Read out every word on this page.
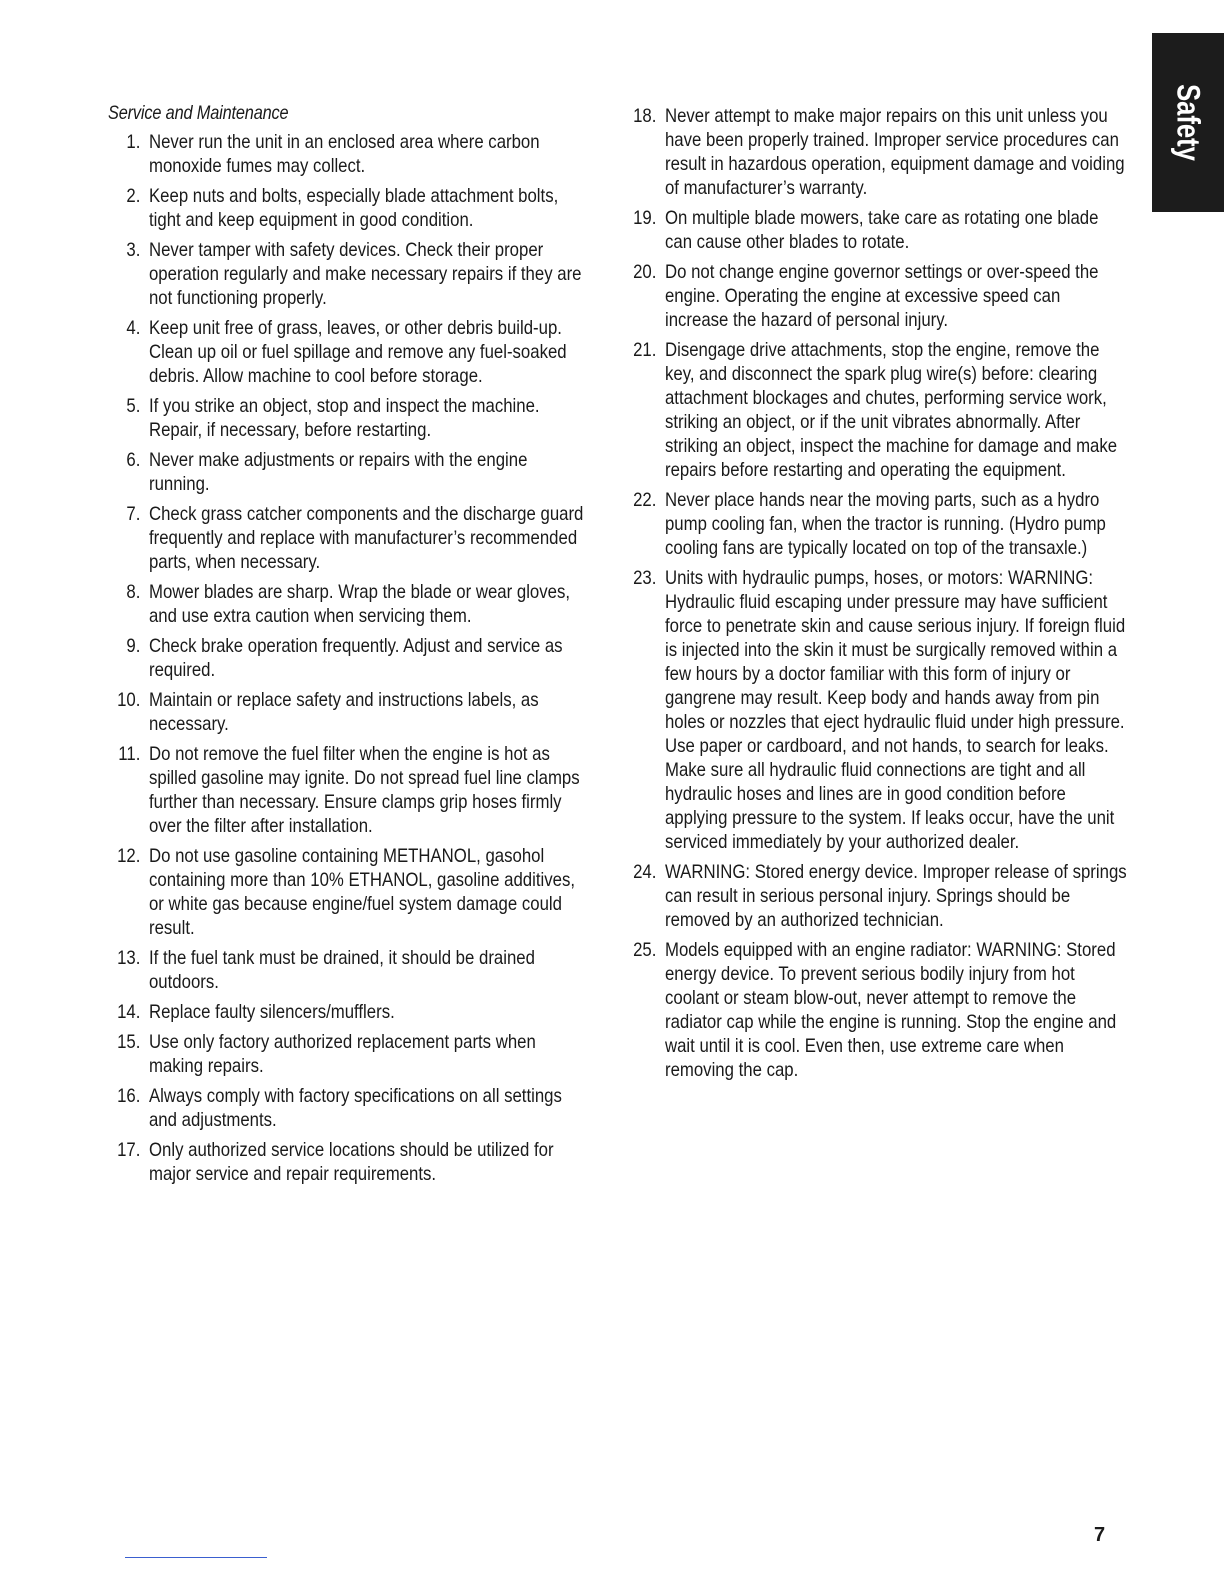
Safety
Service and Maintenance
1. Never run the unit in an enclosed area where carbon monoxide fumes may collect.
2. Keep nuts and bolts, especially blade attachment bolts, tight and keep equipment in good condition.
3. Never tamper with safety devices. Check their proper operation regularly and make necessary repairs if they are not functioning properly.
4. Keep unit free of grass, leaves, or other debris build-up. Clean up oil or fuel spillage and remove any fuel-soaked debris. Allow machine to cool before storage.
5. If you strike an object, stop and inspect the machine. Repair, if necessary, before restarting.
6. Never make adjustments or repairs with the engine running.
7. Check grass catcher components and the discharge guard frequently and replace with manufacturer’s recommended parts, when necessary.
8. Mower blades are sharp. Wrap the blade or wear gloves, and use extra caution when servicing them.
9. Check brake operation frequently. Adjust and service as required.
10. Maintain or replace safety and instructions labels, as necessary.
11. Do not remove the fuel filter when the engine is hot as spilled gasoline may ignite. Do not spread fuel line clamps further than necessary. Ensure clamps grip hoses firmly over the filter after installation.
12. Do not use gasoline containing METHANOL, gasohol containing more than 10% ETHANOL, gasoline additives, or white gas because engine/fuel system damage could result.
13. If the fuel tank must be drained, it should be drained outdoors.
14. Replace faulty silencers/mufflers.
15. Use only factory authorized replacement parts when making repairs.
16. Always comply with factory specifications on all settings and adjustments.
17. Only authorized service locations should be utilized for major service and repair requirements.
18. Never attempt to make major repairs on this unit unless you have been properly trained. Improper service procedures can result in hazardous operation, equipment damage and voiding of manufacturer’s warranty.
19. On multiple blade mowers, take care as rotating one blade can cause other blades to rotate.
20. Do not change engine governor settings or over-speed the engine. Operating the engine at excessive speed can increase the hazard of personal injury.
21. Disengage drive attachments, stop the engine, remove the key, and disconnect the spark plug wire(s) before: clearing attachment blockages and chutes, performing service work, striking an object, or if the unit vibrates abnormally. After striking an object, inspect the machine for damage and make repairs before restarting and operating the equipment.
22. Never place hands near the moving parts, such as a hydro pump cooling fan, when the tractor is running. (Hydro pump cooling fans are typically located on top of the transaxle.)
23. Units with hydraulic pumps, hoses, or motors: WARNING: Hydraulic fluid escaping under pressure may have sufficient force to penetrate skin and cause serious injury. If foreign fluid is injected into the skin it must be surgically removed within a few hours by a doctor familiar with this form of injury or gangrene may result. Keep body and hands away from pin holes or nozzles that eject hydraulic fluid under high pressure. Use paper or cardboard, and not hands, to search for leaks. Make sure all hydraulic fluid connections are tight and all hydraulic hoses and lines are in good condition before applying pressure to the system. If leaks occur, have the unit serviced immediately by your authorized dealer.
24. WARNING: Stored energy device. Improper release of springs can result in serious personal injury. Springs should be removed by an authorized technician.
25. Models equipped with an engine radiator: WARNING: Stored energy device. To prevent serious bodily injury from hot coolant or steam blow-out, never attempt to remove the radiator cap while the engine is running. Stop the engine and wait until it is cool. Even then, use extreme care when removing the cap.
7
